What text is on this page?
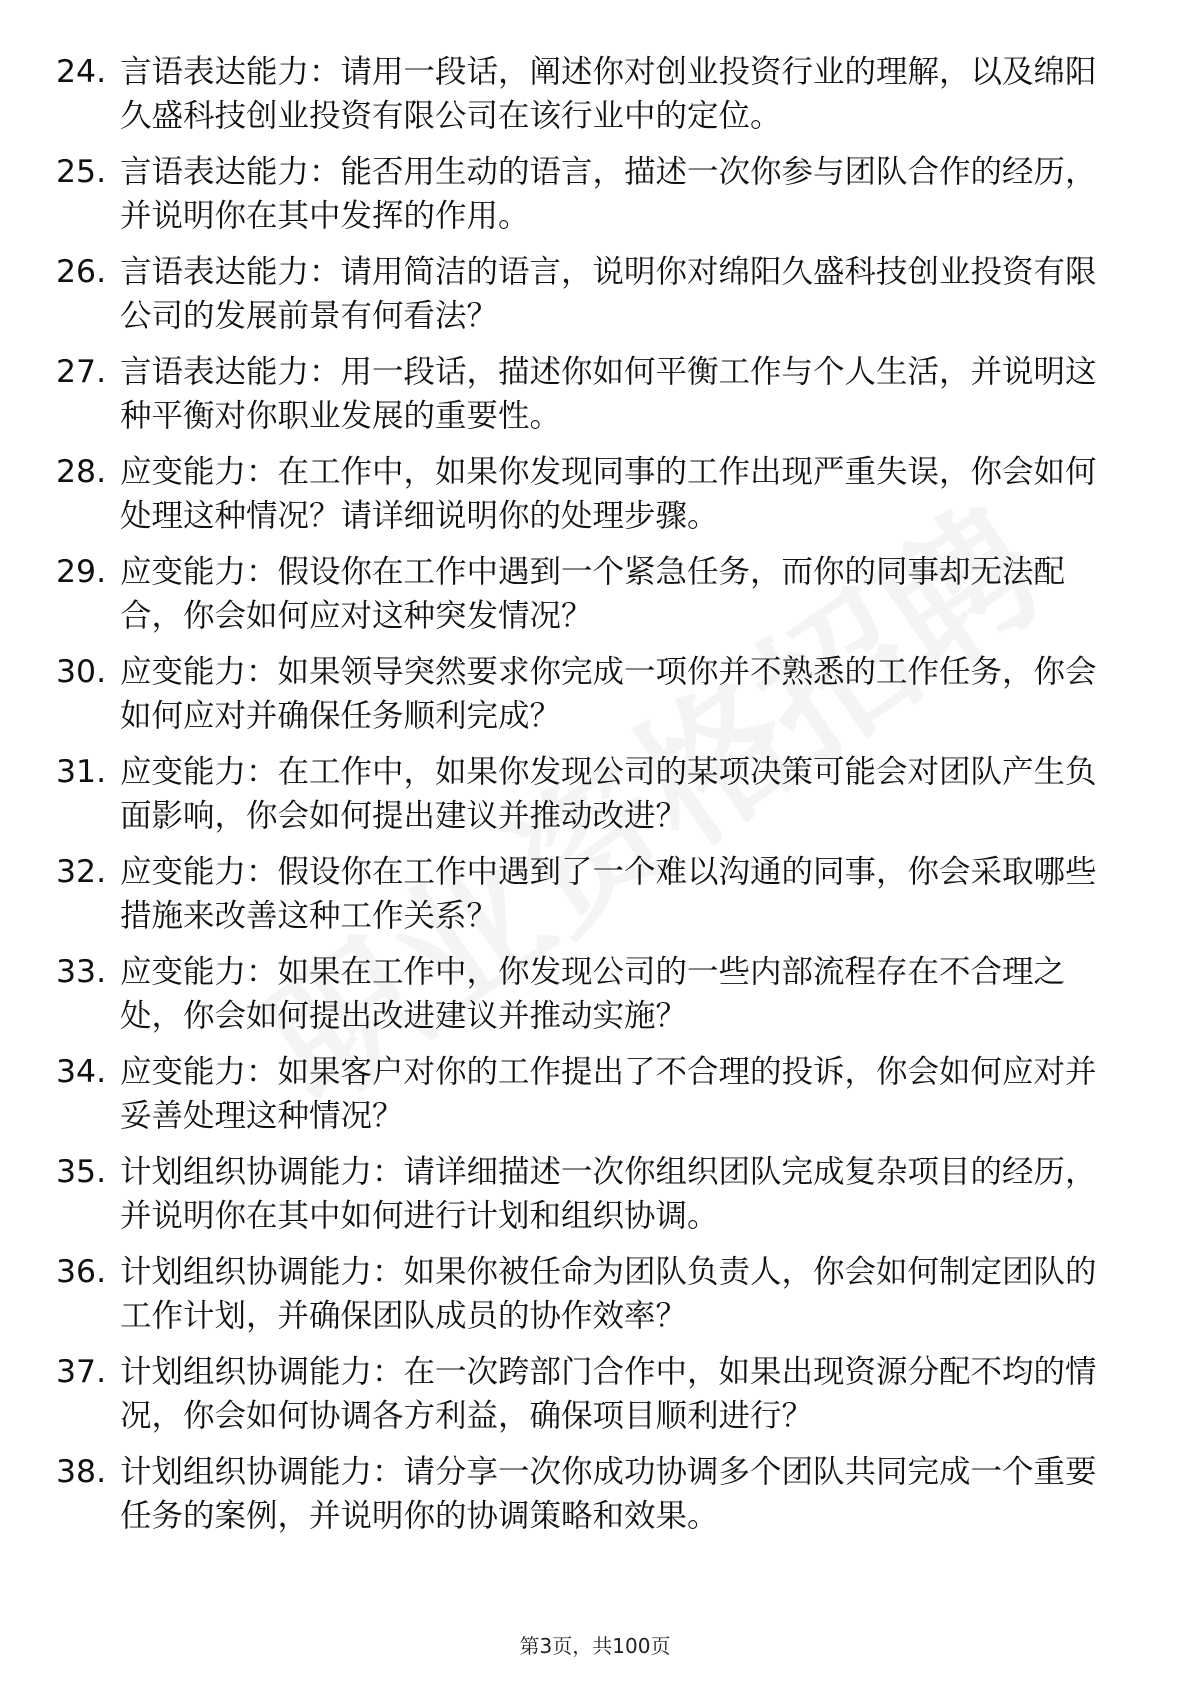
24. 言语表达能力：请用一段话，阐述你对创业投资行业的理解，以及绵阳久盛科技创业投资有限公司在该行业中的定位。
25. 言语表达能力：能否用生动的语言，描述一次你参与团队合作的经历，并说明你在其中发挥的作用。
26. 言语表达能力：请用简洁的语言，说明你对绵阳久盛科技创业投资有限公司的发展前景有何看法？
27. 言语表达能力：用一段话，描述你如何平衡工作与个人生活，并说明这种平衡对你职业发展的重要性。
28. 应变能力：在工作中，如果你发现同事的工作出现严重失误，你会如何处理这种情况？请详细说明你的处理步骤。
29. 应变能力：假设你在工作中遇到一个紧急任务，而你的同事却无法配合，你会如何应对这种突发情况？
30. 应变能力：如果领导突然要求你完成一项你并不熟悉的工作任务，你会如何应对并确保任务顺利完成？
31. 应变能力：在工作中，如果你发现公司的某项决策可能会对团队产生负面影响，你会如何提出建议并推动改进？
32. 应变能力：假设你在工作中遇到了一个难以沟通的同事，你会采取哪些措施来改善这种工作关系？
33. 应变能力：如果在工作中，你发现公司的一些内部流程存在不合理之处，你会如何提出改进建议并推动实施？
34. 应变能力：如果客户对你的工作提出了不合理的投诉，你会如何应对并妥善处理这种情况？
35. 计划组织协调能力：请详细描述一次你组织团队完成复杂项目的经历，并说明你在其中如何进行计划和组织协调。
36. 计划组织协调能力：如果你被任命为团队负责人，你会如何制定团队的工作计划，并确保团队成员的协作效率？
37. 计划组织协调能力：在一次跨部门合作中，如果出现资源分配不均的情况，你会如何协调各方利益，确保项目顺利进行？
38. 计划组织协调能力：请分享一次你成功协调多个团队共同完成一个重要任务的案例，并说明你的协调策略和效果。
第3页，共100页
